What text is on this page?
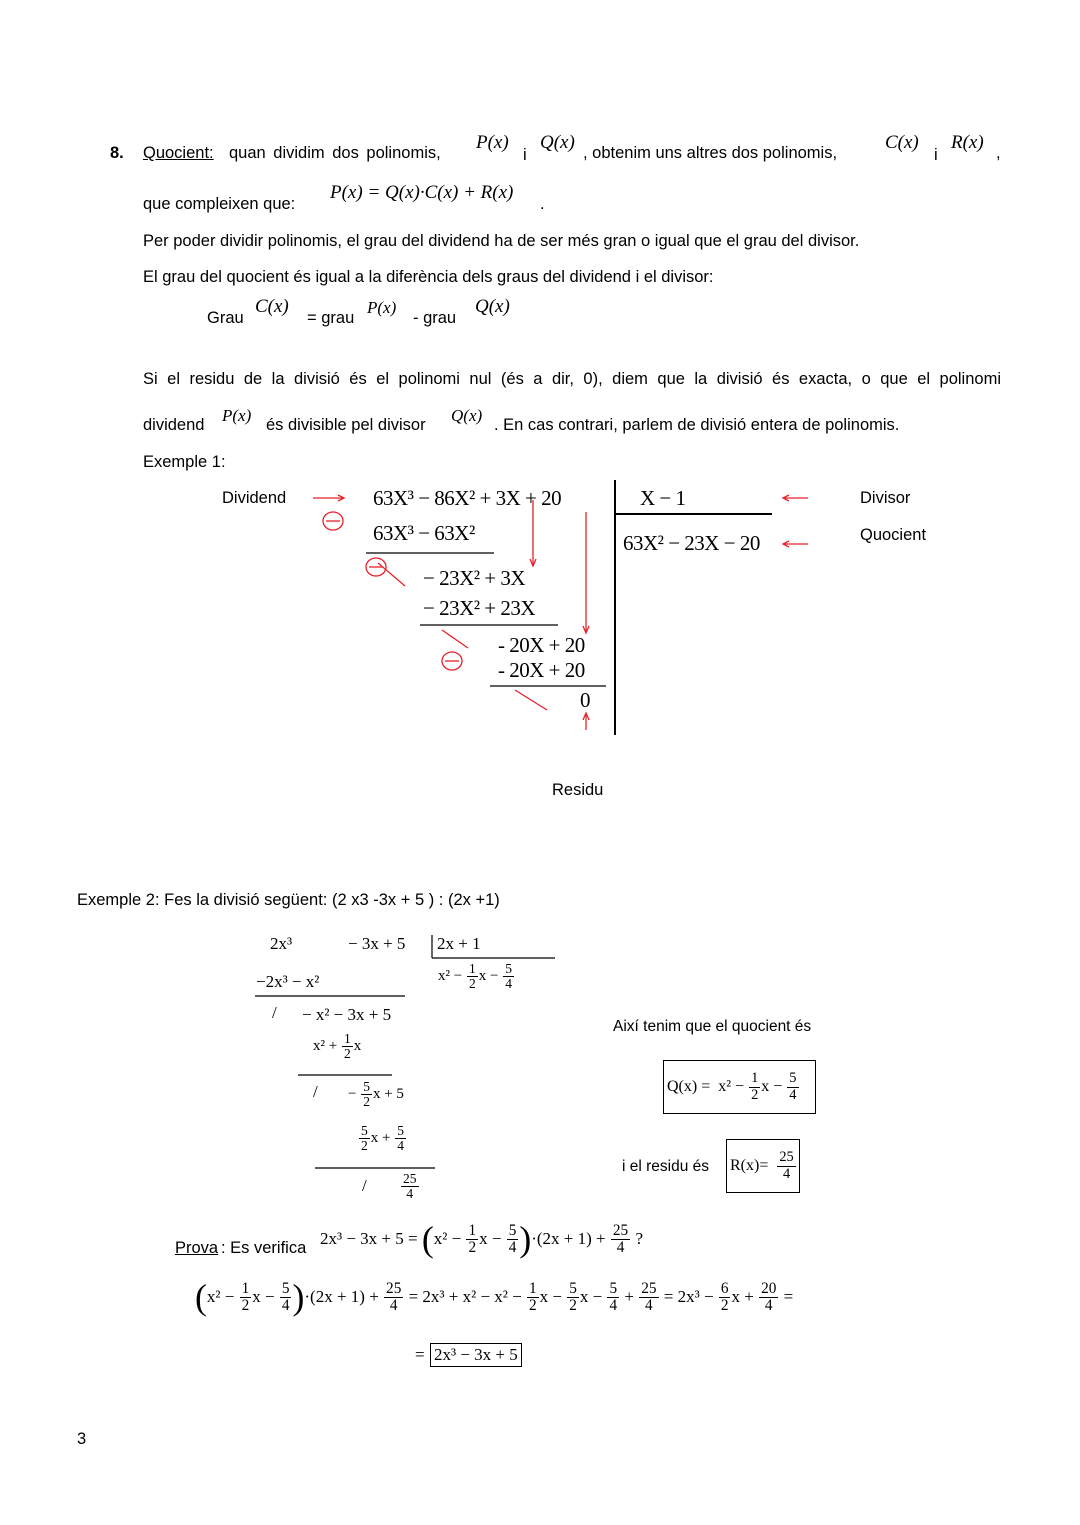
8. Quocient: quan dividim dos polinomis, P(x)
i
Q(x) , obtenim uns altres dos polinomis,	C(x)
i
R(x) ,
que compleixen que:
P(x) = Q(x)·C(x) + R(x)
.
Per poder dividir polinomis, el grau del dividend ha de ser més gran o igual que el grau del divisor.
El grau del quocient és igual a la diferència dels graus del dividend i el divisor:
Grau
C(x)
= grau
P(x)
- grau
Q(x)
Si el residu de la divisió és el polinomi nul (és a dir, 0), diem que la divisió és exacta, o que el polinomi
dividend P(x) és divisible pel divisor Q(x) . En cas contrari, parlem de divisió entera de polinomis.
Exemple 1:
Dividend	Divisor
Quocient
Residu
63X³ − 86X² + 3X + 20	X − 1
63X² − 23X − 20
63X³ − 63X²
− 23X² + 3X
− 23X² + 23X
- 20X + 20
- 20X + 20
0
Exemple 2: Fes la divisió següent: (2 x3 -3x + 5 ) : (2x +1)
2x³	− 3x + 5 2x + 1
$x^2 - \frac{1}{2}$ $x - \frac{5}{4}$
−2x³ − x²
/ − x² − 3x + 5
$x^2 + \frac{1}{2}$ x
/ − $\frac{5}{2}$ x + 5
$\frac{5}{2}$ $x + \frac{5}{4}$
/	$\frac{25}{4}$
Així tenim que el quocient és
$Q(x) = x^2 - \frac{1}{2}$ $x - \frac{5}{4}$
i el residu és $R(x)= \frac{25}{4}$
Prova : Es verifica
$2x^3 - 3x + 5 = (x^2 - \frac{1}{2}$ $x - \frac{5}{4} )\cdot(2x + 1) + \frac{25}{4}$ ?
($x^2 - \frac{1}{2}$ $x - \frac{5}{4} )\cdot(2x + 1) + \frac{25}{4} = 2x^3 + x^2 - x^2 - \frac{1}{2}$ $x - \frac{5}{2}$ $x - \frac{5}{4} + \frac{25}{4} = 2x^3 - \frac{6}{2}$ $x + \frac{20}{4}$ =
= 2x³ − 3x + 5
3
